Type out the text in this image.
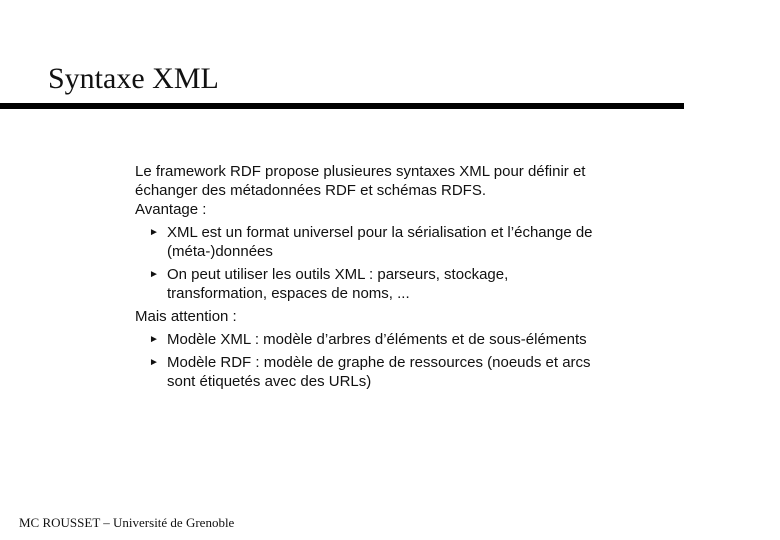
Syntaxe XML

Le framework RDF propose plusieures syntaxes XML pour définir et
échanger des métadonnées RDF et schémas RDFS.

Avantage :

► XML est un format universel pour la sérialisation et l’échange de
(méta-)données
► On peut utiliser les outils XML : parseurs, stockage,
transformation, espaces de noms, ...

Mais attention :

► Modèle XML : modèle d’arbres d’éléments et de sous-éléments
► Modèle RDF : modèle de graphe de ressources (noeuds et arcs
sont étiquetés avec des URLs)
MC ROUSSET – Université de Grenoble
